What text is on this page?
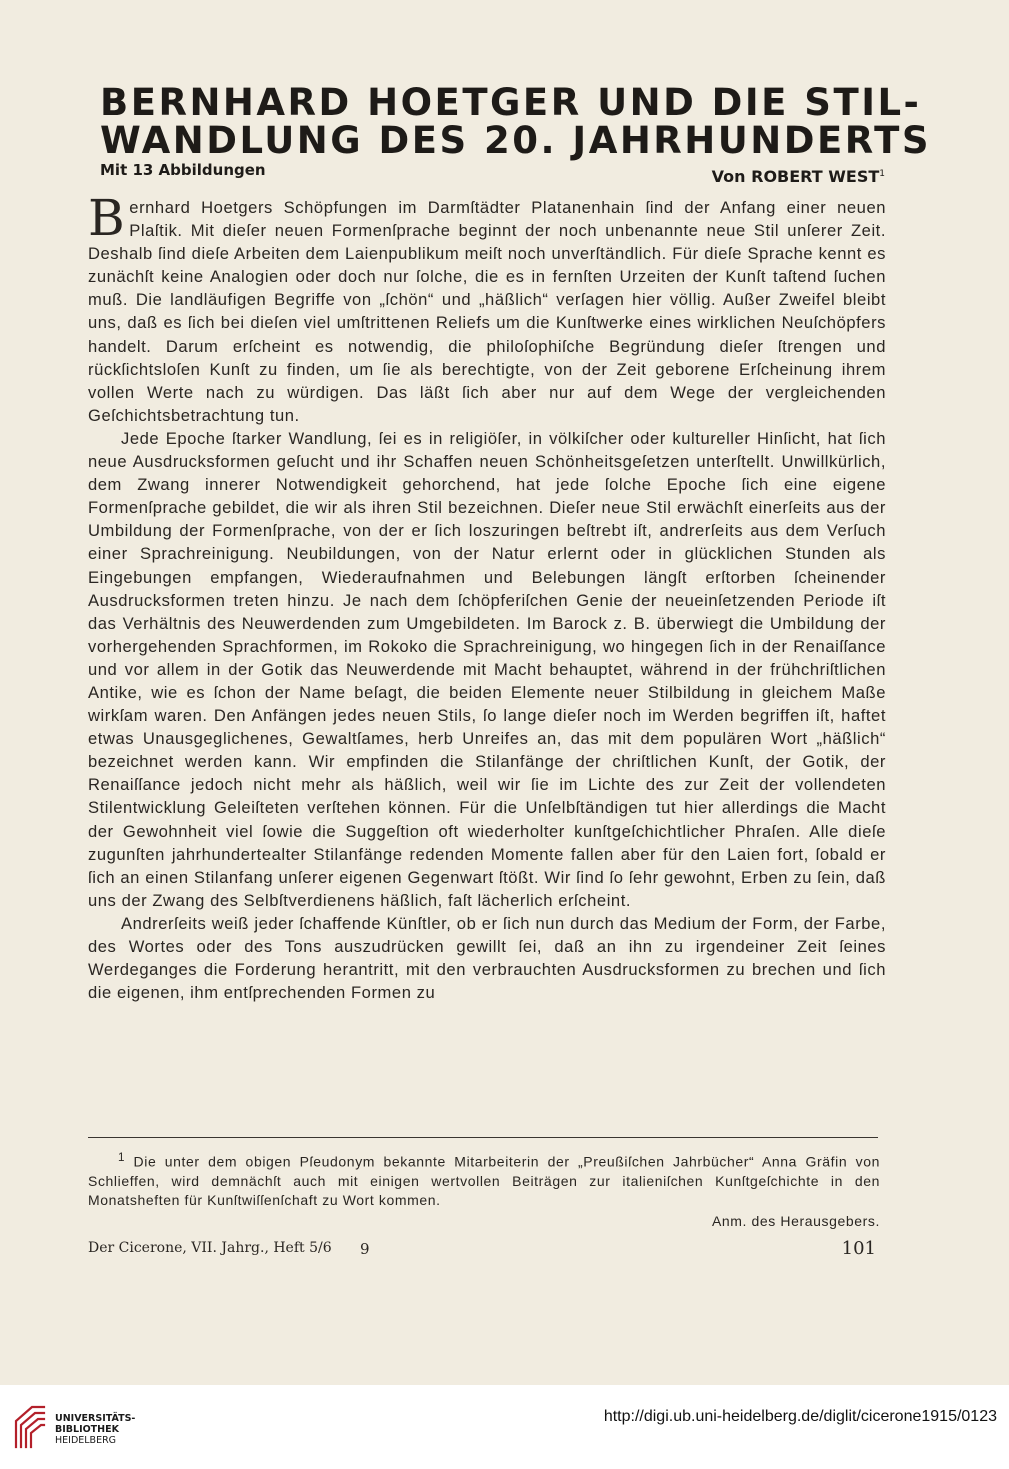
BERNHARD HOETGER UND DIE STIL-
WANDLUNG DES 20. JAHRHUNDERTS
Mit 13 Abbildungen	Von ROBERT WEST$^1$

Bernhard Hoetgers Schöpfungen im Darmſtädter Platanenhain ſind der Anfang einer neuen Plaſtik. Mit dieſer neuen Formenſprache beginnt der noch unbenannte neue Stil unſerer Zeit. Deshalb ſind dieſe Arbeiten dem Laienpublikum meiſt noch unverſtändlich. Für dieſe Sprache kennt es zunächſt keine Analogien oder doch nur ſolche, die es in fernſten Urzeiten der Kunſt taſtend ſuchen muß. Die landläufigen Begriffe von „ſchön“ und „häßlich“ verſagen hier völlig. Außer Zweifel bleibt uns, daß es ſich bei dieſen viel umſtrittenen Reliefs um die Kunſtwerke eines wirklichen Neuſchöpfers handelt. Darum erſcheint es notwendig, die philoſophiſche Begründung dieſer ſtrengen und rückſichtsloſen Kunſt zu finden, um ſie als berechtigte, von der Zeit geborene Erſcheinung ihrem vollen Werte nach zu würdigen. Das läßt ſich aber nur auf dem Wege der vergleichenden Geſchichtsbetrachtung tun.

Jede Epoche ſtarker Wandlung, ſei es in religiöſer, in völkiſcher oder kultureller Hinſicht, hat ſich neue Ausdrucksformen geſucht und ihr Schaffen neuen Schönheitsgeſetzen unterſtellt. Unwillkürlich, dem Zwang innerer Notwendigkeit gehorchend, hat jede ſolche Epoche ſich eine eigene Formenſprache gebildet, die wir als ihren Stil bezeichnen. Dieſer neue Stil erwächſt einerſeits aus der Umbildung der Formenſprache, von der er ſich loszuringen beſtrebt iſt, andrerſeits aus dem Verſuch einer Sprachreinigung. Neubildungen, von der Natur erlernt oder in glücklichen Stunden als Eingebungen empfangen, Wiederaufnahmen und Belebungen längſt erſtorben ſcheinender Ausdrucksformen treten hinzu. Je nach dem ſchöpferiſchen Genie der neueinſetzenden Periode iſt das Verhältnis des Neuwerdenden zum Umgebildeten. Im Barock z. B. überwiegt die Umbildung der vorhergehenden Sprachformen, im Rokoko die Sprachreinigung, wo hingegen ſich in der Renaiſſance und vor allem in der Gotik das Neuwerdende mit Macht behauptet, während in der frühchriſtlichen Antike, wie es ſchon der Name beſagt, die beiden Elemente neuer Stilbildung in gleichem Maße wirkſam waren. Den Anfängen jedes neuen Stils, ſo lange dieſer noch im Werden begriffen iſt, haftet etwas Unausgeglichenes, Gewaltſames, herb Unreifes an, das mit dem populären Wort „häßlich“ bezeichnet werden kann. Wir empfinden die Stilanfänge der chriſtlichen Kunſt, der Gotik, der Renaiſſance jedoch nicht mehr als häßlich, weil wir ſie im Lichte des zur Zeit der vollendeten Stilentwicklung Geleiſteten verſtehen können. Für die Unſelbſtändigen tut hier allerdings die Macht der Gewohnheit viel ſowie die Suggeſtion oft wiederholter kunſtgeſchichtlicher Phraſen. Alle dieſe zugunſten jahrhundertealter Stilanfänge redenden Momente fallen aber für den Laien fort, ſobald er ſich an einen Stilanfang unſerer eigenen Gegenwart ſtößt. Wir ſind ſo ſehr gewohnt, Erben zu ſein, daß uns der Zwang des Selbſtverdienens häßlich, faſt lächerlich erſcheint.

Andrerſeits weiß jeder ſchaffende Künſtler, ob er ſich nun durch das Medium der Form, der Farbe, des Wortes oder des Tons auszudrücken gewillt ſei, daß an ihn zu irgendeiner Zeit ſeines Werdeganges die Forderung herantritt, mit den verbrauchten Ausdrucksformen zu brechen und ſich die eigenen, ihm entſprechenden Formen zu

$^1$ Die unter dem obigen Pſeudonym bekannte Mitarbeiterin der „Preußiſchen Jahrbücher“ Anna Gräfin von Schlieffen, wird demnächſt auch mit einigen wertvollen Beiträgen zur italieniſchen Kunſtgeſchichte in den Monatsheften für Kunſtwiſſenſchaft zu Wort kommen.

Anm. des Herausgebers.
Der Cicerone, VII. Jahrg., Heft 5/6 9	101
UNIVERSITÄTS-
BIBLIOTHEK
HEIDELBERG
http://digi.ub.uni-heidelberg.de/diglit/cicerone1915/0123
